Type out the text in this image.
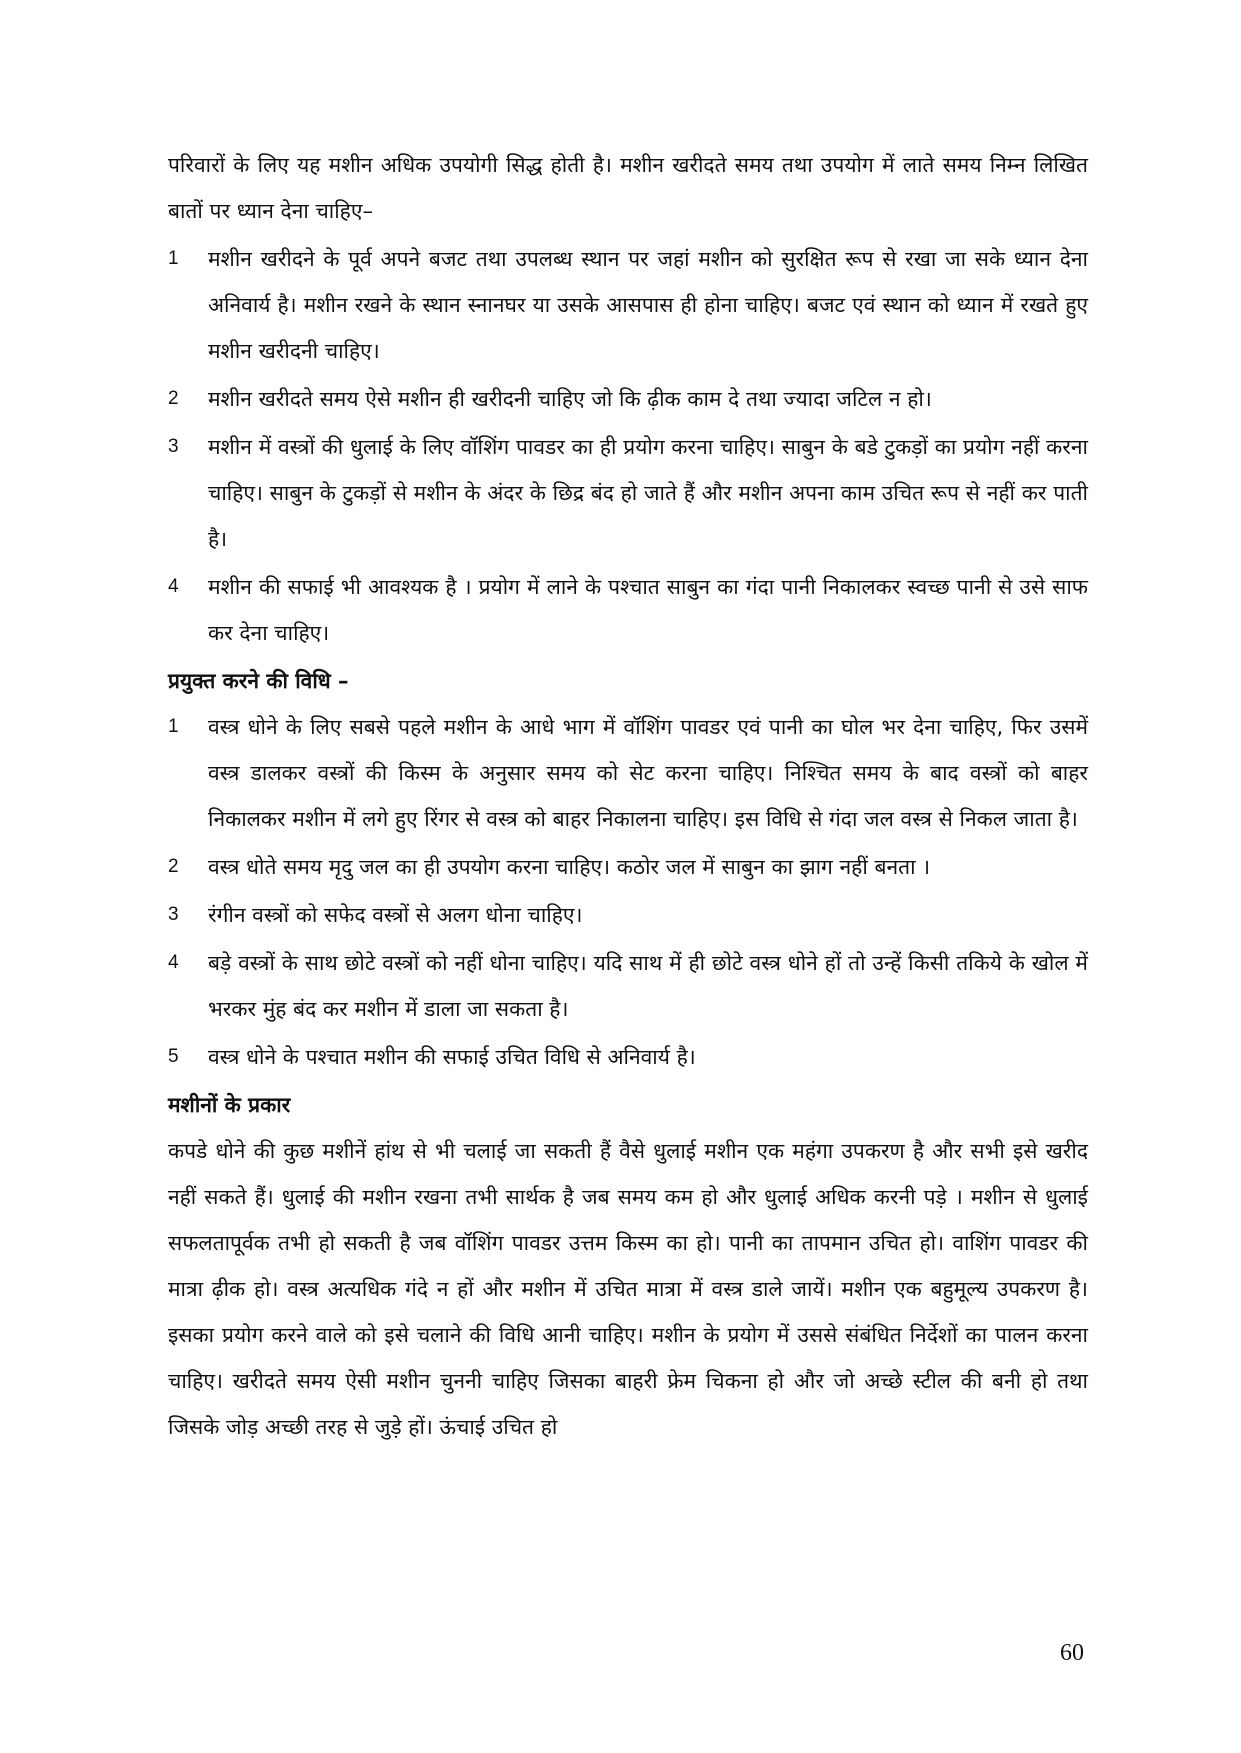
परिवारों के लिए यह मशीन अधिक उपयोगी सिद्ध होती है। मशीन खरीदते समय तथा उपयोग में लाते समय निम्न लिखित बातों पर ध्यान देना चाहिए–

1 मशीन खरीदने के पूर्व अपने बजट तथा उपलब्ध स्थान पर जहां मशीन को सुरक्षित रूप से रखा जा सके ध्यान देना अनिवार्य है। मशीन रखने के स्थान स्नानघर या उसके आसपास ही होना चाहिए। बजट एवं स्थान को ध्यान में रखते हुए मशीन खरीदनी चाहिए।
2 मशीन खरीदते समय ऐसे मशीन ही खरीदनी चाहिए जो कि ढ़ीक काम दे तथा ज्यादा जटिल न हो।
3 मशीन में वस्त्रों की धुलाई के लिए वॉशिंग पावडर का ही प्रयोग करना चाहिए। साबुन के बडे टुकड़ों का प्रयोग नहीं करना चाहिए। साबुन के टुकड़ों से मशीन के अंदर के छिद्र बंद हो जाते हैं और मशीन अपना काम उचित रूप से नहीं कर पाती है।
4 मशीन की सफाई भी आवश्यक है । प्रयोग में लाने के पश्चात साबुन का गंदा पानी निकालकर स्वच्छ पानी से उसे साफ कर देना चाहिए।
प्रयुक्त करने की विधि –
1 वस्त्र धोने के लिए सबसे पहले मशीन के आधे भाग में वॉशिंग पावडर एवं पानी का घोल भर देना चाहिए, फिर उसमें वस्त्र डालकर वस्त्रों की किस्म के अनुसार समय को सेट करना चाहिए। निश्चित समय के बाद वस्त्रों को बाहर निकालकर मशीन में लगे हुए रिंगर से वस्त्र को बाहर निकालना चाहिए। इस विधि से गंदा जल वस्त्र से निकल जाता है।
2 वस्त्र धोते समय मृदु जल का ही उपयोग करना चाहिए। कठोर जल में साबुन का झाग नहीं बनता ।
3 रंगीन वस्त्रों को सफेद वस्त्रों से अलग धोना चाहिए।
4 बड़े वस्त्रों के साथ छोटे वस्त्रों को नहीं धोना चाहिए। यदि साथ में ही छोटे वस्त्र धोने हों तो उन्हें किसी तकिये के खोल में भरकर मुंह बंद कर मशीन में डाला जा सकता है।
5 वस्त्र धोने के पश्चात मशीन की सफाई उचित विधि से अनिवार्य है।
मशीनों के प्रकार

कपडे धोने की कुछ मशीनें हांथ से भी चलाई जा सकती हैं वैसे धुलाई मशीन एक महंगा उपकरण है और सभी इसे खरीद नहीं सकते हैं। धुलाई की मशीन रखना तभी सार्थक है जब समय कम हो और धुलाई अधिक करनी पड़े । मशीन से धुलाई सफलतापूर्वक तभी हो सकती है जब वॉशिंग पावडर उत्तम किस्म का हो। पानी का तापमान उचित हो। वाशिंग पावडर की मात्रा ढ़ीक हो। वस्त्र अत्यधिक गंदे न हों और मशीन में उचित मात्रा में वस्त्र डाले जायें। मशीन एक बहुमूल्य उपकरण है। इसका प्रयोग करने वाले को इसे चलाने की विधि आनी चाहिए। मशीन के प्रयोग में उससे संबंधित निर्देशों का पालन करना चाहिए। खरीदते समय ऐसी मशीन चुननी चाहिए जिसका बाहरी फ्रेम चिकना हो और जो अच्छे स्टील की बनी हो तथा जिसके जोड़ अच्छी तरह से जुड़े हों। ऊंचाई उचित हो

60
